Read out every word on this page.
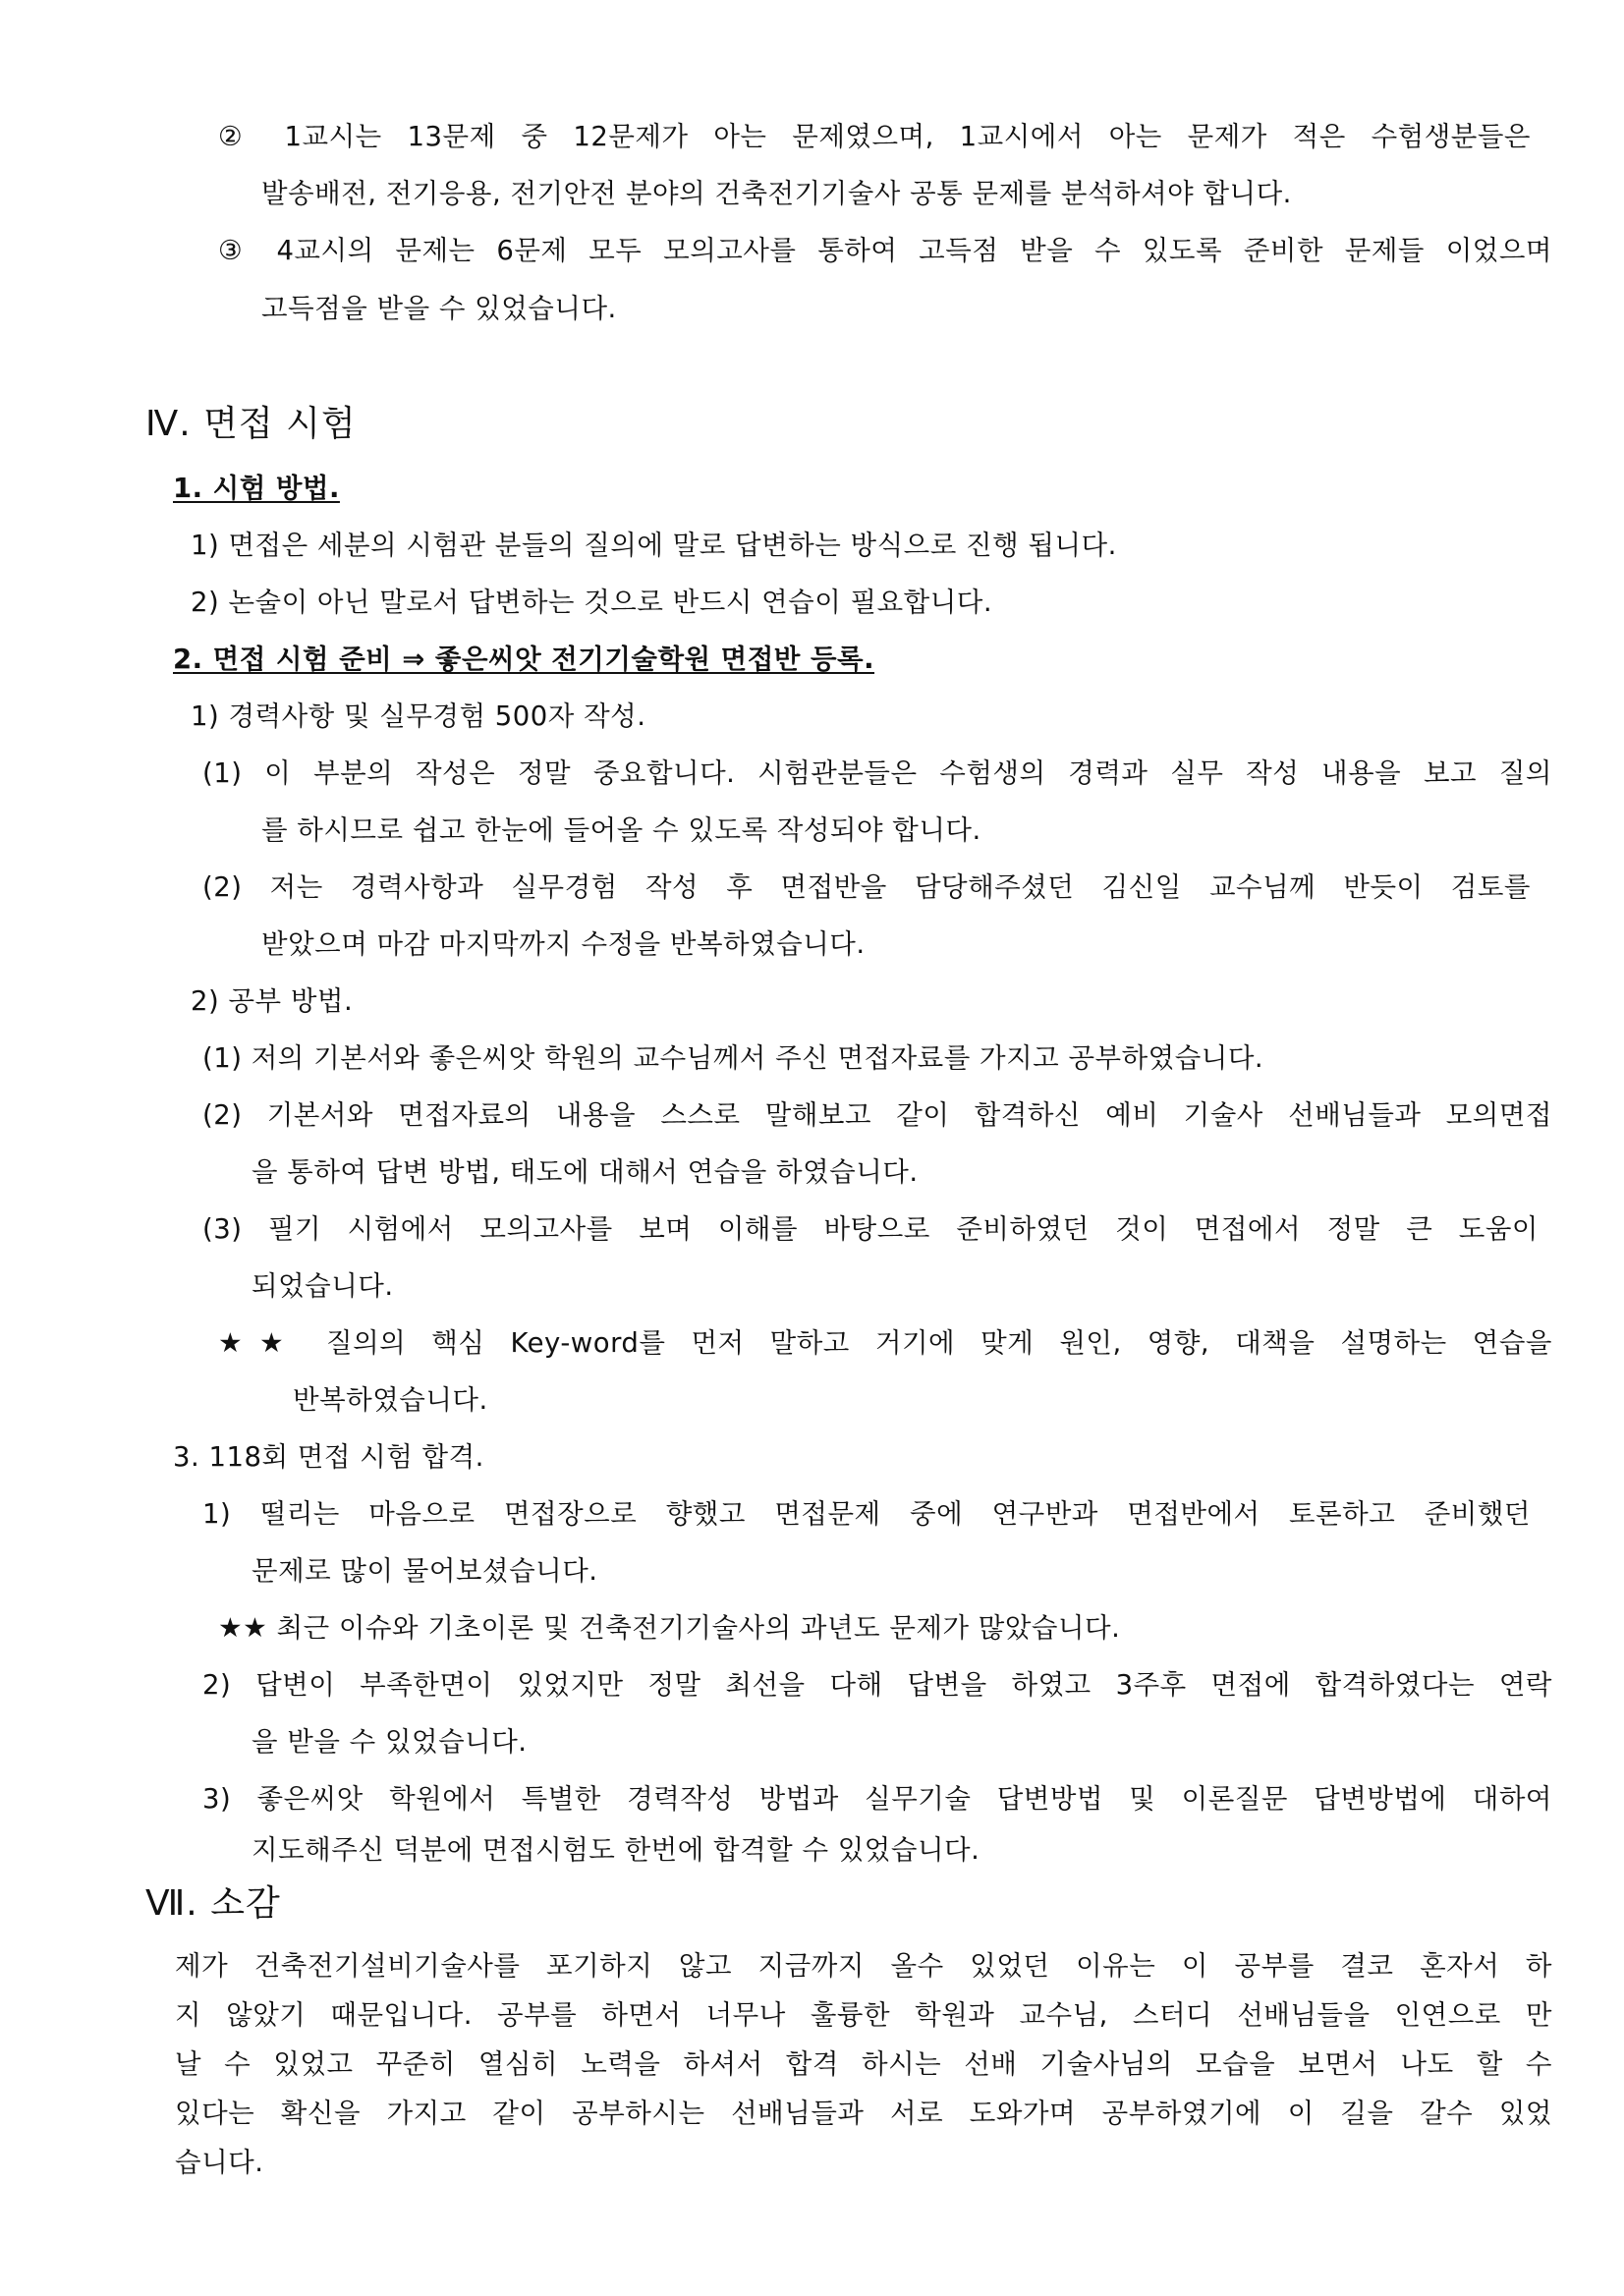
② 1교시는 13문제 중 12문제가 아는 문제였으며, 1교시에서 아는 문제가 적은 수험생분들은
발송배전, 전기응용, 전기안전 분야의 건축전기기술사 공통 문제를 분석하셔야 합니다.
③ 4교시의 문제는 6문제 모두 모의고사를 통하여 고득점 받을 수 있도록 준비한 문제들 이었으며
고득점을 받을 수 있었습니다.
Ⅳ. 면접 시험
1. 시험 방법.
1) 면접은 세분의 시험관 분들의 질의에 말로 답변하는 방식으로 진행 됩니다.
2) 논술이 아닌 말로서 답변하는 것으로 반드시 연습이 필요합니다.
2. 면접 시험 준비 ⇒ 좋은씨앗 전기기술학원 면접반 등록.
1) 경력사항 및 실무경험 500자 작성.
(1) 이 부분의 작성은 정말 중요합니다. 시험관분들은 수험생의 경력과 실무 작성 내용을 보고 질의
를 하시므로 쉽고 한눈에 들어올 수 있도록 작성되야 합니다.
(2) 저는 경력사항과 실무경험 작성 후 면접반을 담당해주셨던 김신일 교수님께 반듯이 검토를
받았으며 마감 마지막까지 수정을 반복하였습니다.
2) 공부 방법.
(1) 저의 기본서와 좋은씨앗 학원의 교수님께서 주신 면접자료를 가지고 공부하였습니다.
(2) 기본서와 면접자료의 내용을 스스로 말해보고 같이 합격하신 예비 기술사 선배님들과 모의면접
을 통하여 답변 방법, 태도에 대해서 연습을 하였습니다.
(3) 필기 시험에서 모의고사를 보며 이해를 바탕으로 준비하였던 것이 면접에서 정말 큰 도움이
되었습니다.
★★ 질의의 핵심 Key-word를 먼저 말하고 거기에 맞게 원인, 영향, 대책을 설명하는 연습을
반복하였습니다.
3. 118회 면접 시험 합격.
1) 떨리는 마음으로 면접장으로 향했고 면접문제 중에 연구반과 면접반에서 토론하고 준비했던
문제로 많이 물어보셨습니다.
★★ 최근 이슈와 기초이론 및 건축전기기술사의 과년도 문제가 많았습니다.
2) 답변이 부족한면이 있었지만 정말 최선을 다해 답변을 하였고 3주후 면접에 합격하였다는 연락
을 받을 수 있었습니다.
3) 좋은씨앗 학원에서 특별한 경력작성 방법과 실무기술 답변방법 및 이론질문 답변방법에 대하여
지도해주신 덕분에 면접시험도 한번에 합격할 수 있었습니다.
Ⅶ. 소감
제가 건축전기설비기술사를 포기하지 않고 지금까지 올수 있었던 이유는 이 공부를 결코 혼자서 하
지 않았기 때문입니다. 공부를 하면서 너무나 훌륭한 학원과 교수님, 스터디 선배님들을 인연으로 만
날 수 있었고 꾸준히 열심히 노력을 하셔서 합격 하시는 선배 기술사님의 모습을 보면서 나도 할 수
있다는 확신을 가지고 같이 공부하시는 선배님들과 서로 도와가며 공부하였기에 이 길을 갈수 있었
습니다.
